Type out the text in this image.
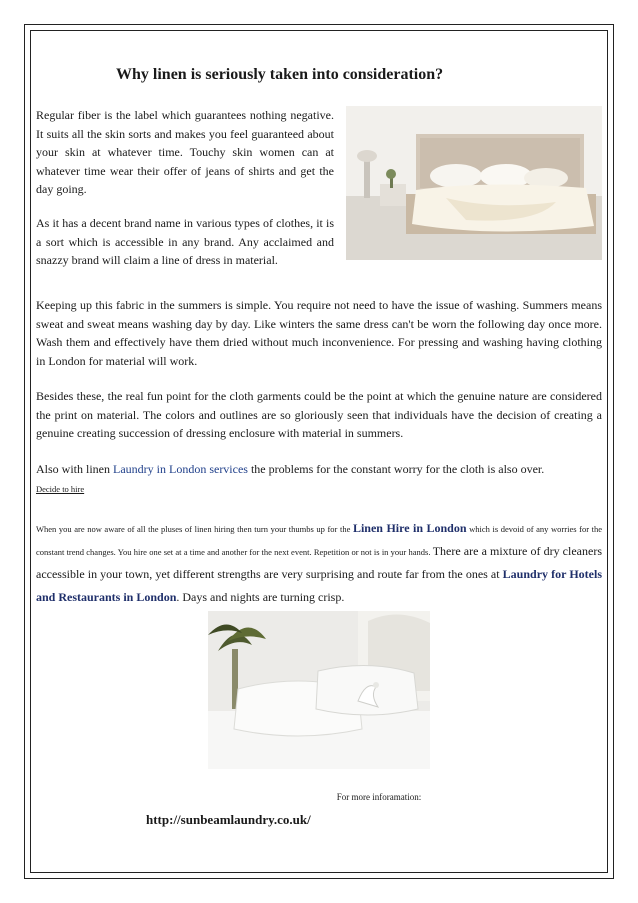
Why linen is seriously taken into consideration?

Regular fiber is the label which guarantees nothing negative. It suits all the skin sorts and makes you feel guaranteed about your skin at whatever time. Touchy skin women can at whatever time wear their offer of jeans of shirts and get the day going.

As it has a decent brand name in various types of clothes, it is a sort which is accessible in any brand. Any acclaimed and snazzy brand will claim a line of dress in material.

Keeping up this fabric in the summers is simple. You require not need to have the issue of washing. Summers means sweat and sweat means washing day by day. Like winters the same dress can't be worn the following day once more. Wash them and effectively have them dried without much inconvenience. For pressing and washing having clothing in London for material will work.

Besides these, the real fun point for the cloth garments could be the point at which the genuine nature are considered the print on material. The colors and outlines are so gloriously seen that individuals have the decision of creating a genuine creating succession of dressing enclosure with material in summers.

Also with linen Laundry in London services the problems for the constant worry for the cloth is also over.

Decide to hire

When you are now aware of all the pluses of linen hiring then turn your thumbs up for the Linen Hire in London which is devoid of any worries for the constant trend changes. You hire one set at a time and another for the next event. Repetition or not is in your hands. There are a mixture of dry cleaners accessible in your town, yet different strengths are very surprising and route far from the ones at Laundry for Hotels and Restaurants in London. Days and nights are turning crisp.

For more inforamation:
http://sunbeamlaundry.co.uk/
